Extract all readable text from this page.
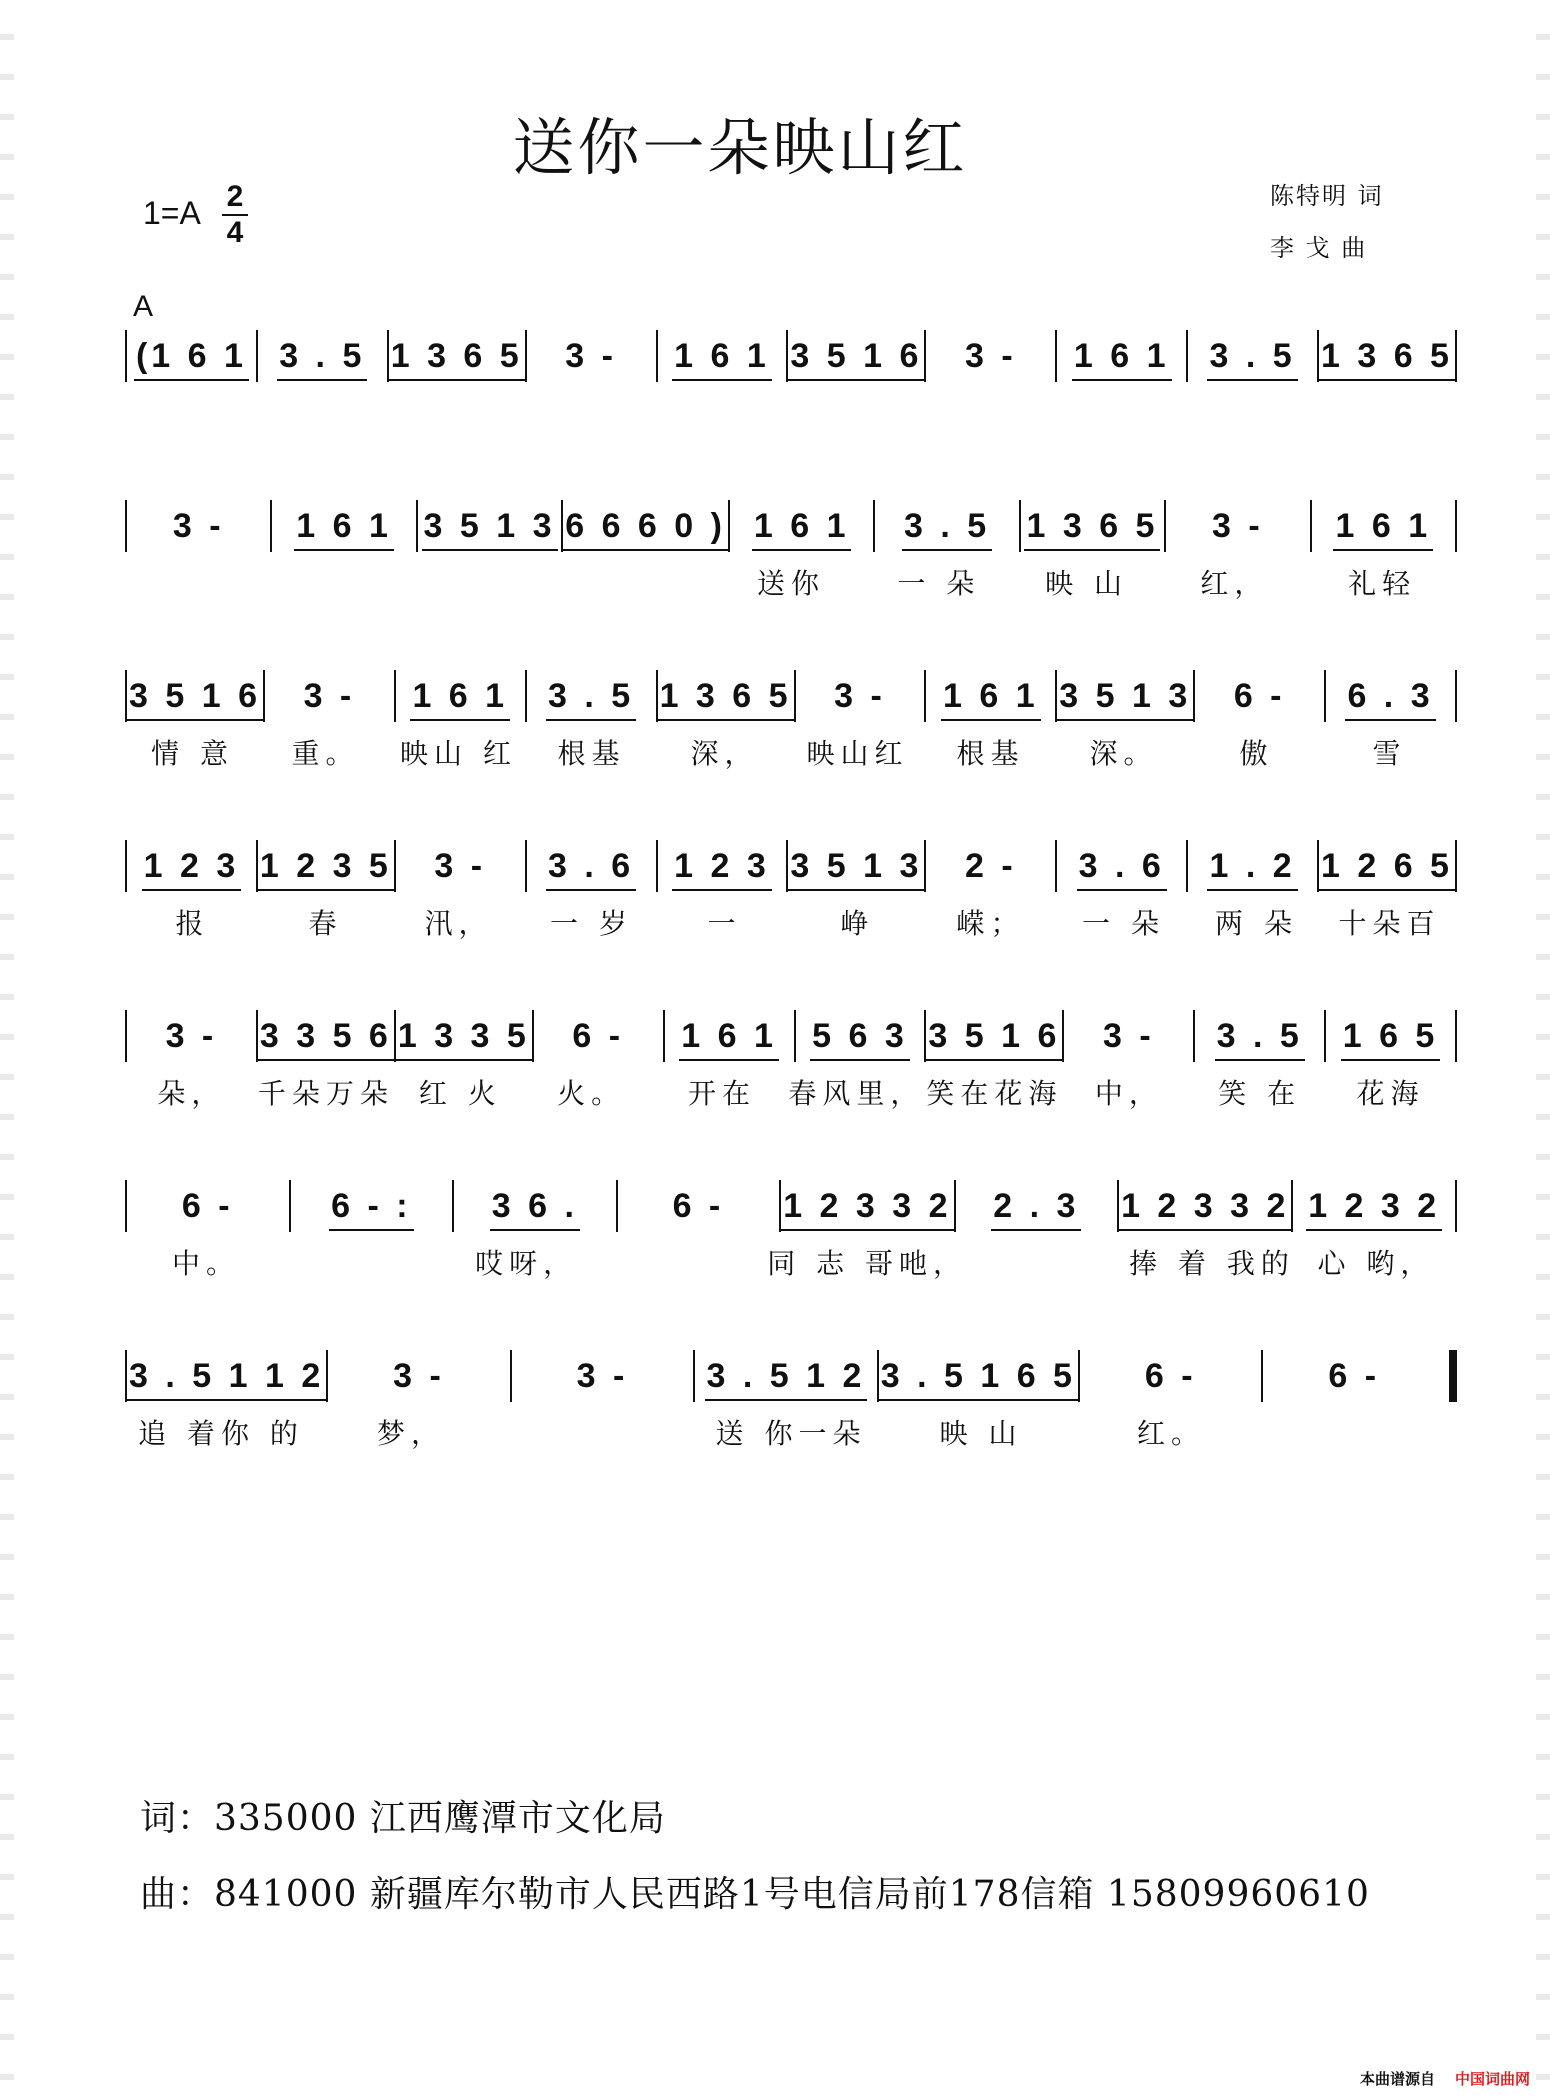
送你一朵映山红
$1=A \frac{2}{4}$	陈特明 词
李 戈 曲
A
(1 6 1 3 . 5 1 3 6 5	3 -	1 6 1 3 5 1 6	3 -	1 6 1	3 . 5 1 3 6 5
3 -	1 6 1 3 5 1 3 6 6 6 0 ) 1 6 1	3 . 5	1 3 6 5	3 -	1 6 1
送你	一 朵	映 山	红，	礼轻
3 5 1 6	3 -	1 6 1	3 . 5 1 3 6 5	3 -	1 6 1 3 5 1 3	6 -	6 . 3
情 意	重。	映山 红	根基	深，	映山红	根基	深。	傲	雪
1 2 3 1 2 3 5	3 -	3 . 6	1 2 3 3 5 1 3	2 -	3 . 6	1 . 2 1 2 6 5
报	春	汛，	一 岁	一	峥	嵘；	一 朵	两 朵	十朵百
3 -	3 3 5 6 1 3 3 5	6 -	1 6 1	5 6 3 3 5 1 6	3 -	3 . 5	1 6 5
朵，	千朵万朵 红 火	火。	开在	春风里， 笑在花海	中，	笑 在	花海
6 -	6 - :	3 6 .	6 -	1 2 3 3 2	2 . 3	1 2 3 3 2 1 2 3 2
中。	哎呀，	同 志 哥吔，	捧 着 我的 心 哟，
3 . 5 1 1 2	3 -	3 -	3 . 5 1 2 3 . 5 1 6 5	6 -	6 -
追 着你 的	梦，	送 你一朵	映 山	红。
词：335000 江西鹰潭市文化局
曲：841000 新疆库尔勒市人民西路1号电信局前178信箱 15809960610
本曲谱源自 中国词曲网
